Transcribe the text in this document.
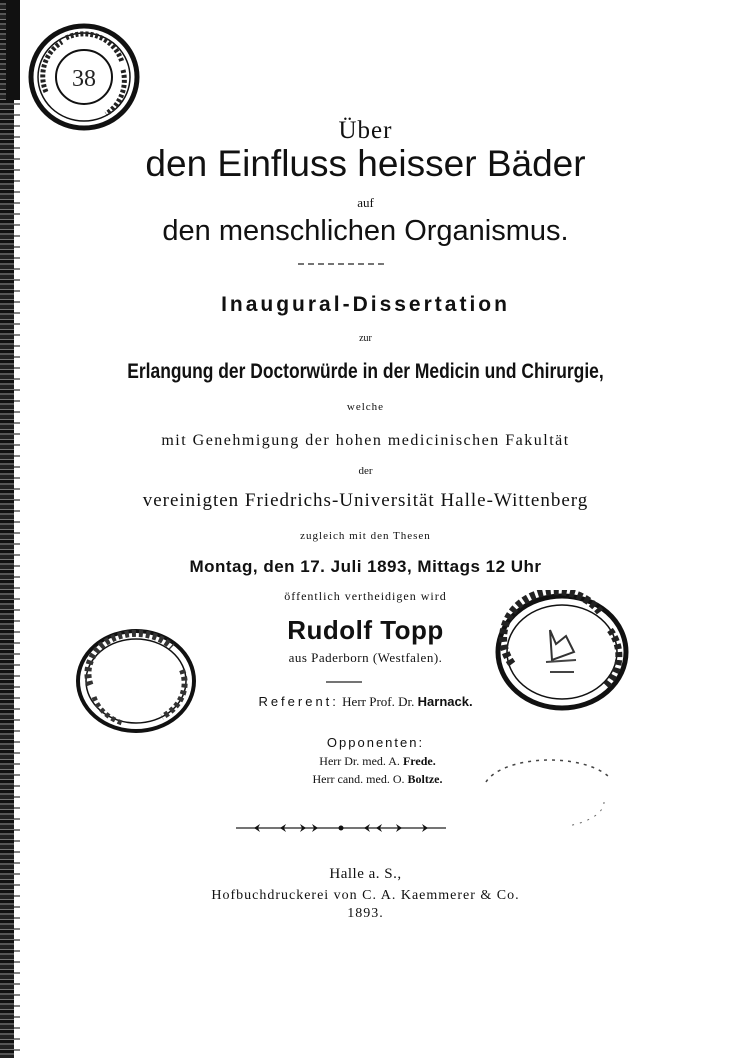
38
Über
den Einfluss heisser Bäder
auf
den menschlichen Organismus.
Inaugural-Dissertation
zur
Erlangung der Doctorwürde in der Medicin und Chirurgie,
welche
mit Genehmigung der hohen medicinischen Fakultät
der
vereinigten Friedrichs-Universität Halle-Wittenberg
zugleich mit den Thesen
Montag, den 17. Juli 1893, Mittags 12 Uhr
öffentlich vertheidigen wird
Rudolf Topp
aus Paderborn (Westfalen).
Referent: Herr Prof. Dr. Harnack.
Opponenten:
Herr Dr. med. A. Frede.
Herr cand. med. O. Boltze.
Halle a. S.,
Hofbuchdruckerei von C. A. Kaemmerer & Co.
1893.
